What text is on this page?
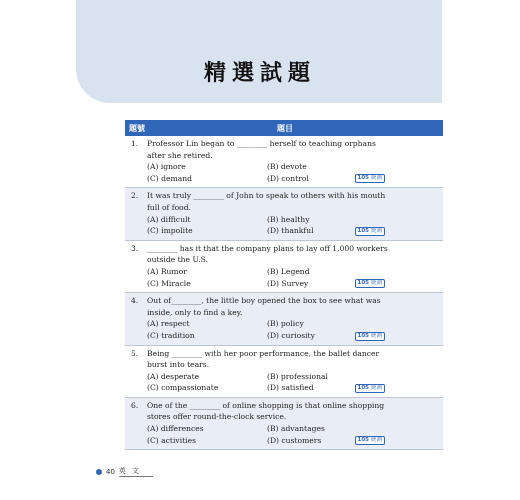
精選試題
題號	題目
1. Professor Lin began to ________ herself to teaching orphans after she retired.
(A) ignore	(B) devote
(C) demand	(D) control	105 統測
2. It was truly ________ of John to speak to others with his mouth full of food.
(A) difficult	(B) healthy
(C) impolite	(D) thankful	105 統測
3. ________ has it that the company plans to lay off 1,000 workers outside the U.S.
(A) Rumor	(B) Legend
(C) Miracle	(D) Survey	105 統測
4. Out of________, the little boy opened the box to see what was inside, only to find a key.
(A) respect	(B) policy
(C) tradition	(D) curiosity	105 統測
5. Being ________ with her poor performance, the ballet dancer burst into tears.
(A) desperate	(B) professional
(C) compassionate	(D) satisfied	105 統測
6. One of the ________ of online shopping is that online shopping stores offer round-the-clock service.
(A) differences	(B) advantages
(C) activities	(D) customers	105 統測
40 英文
